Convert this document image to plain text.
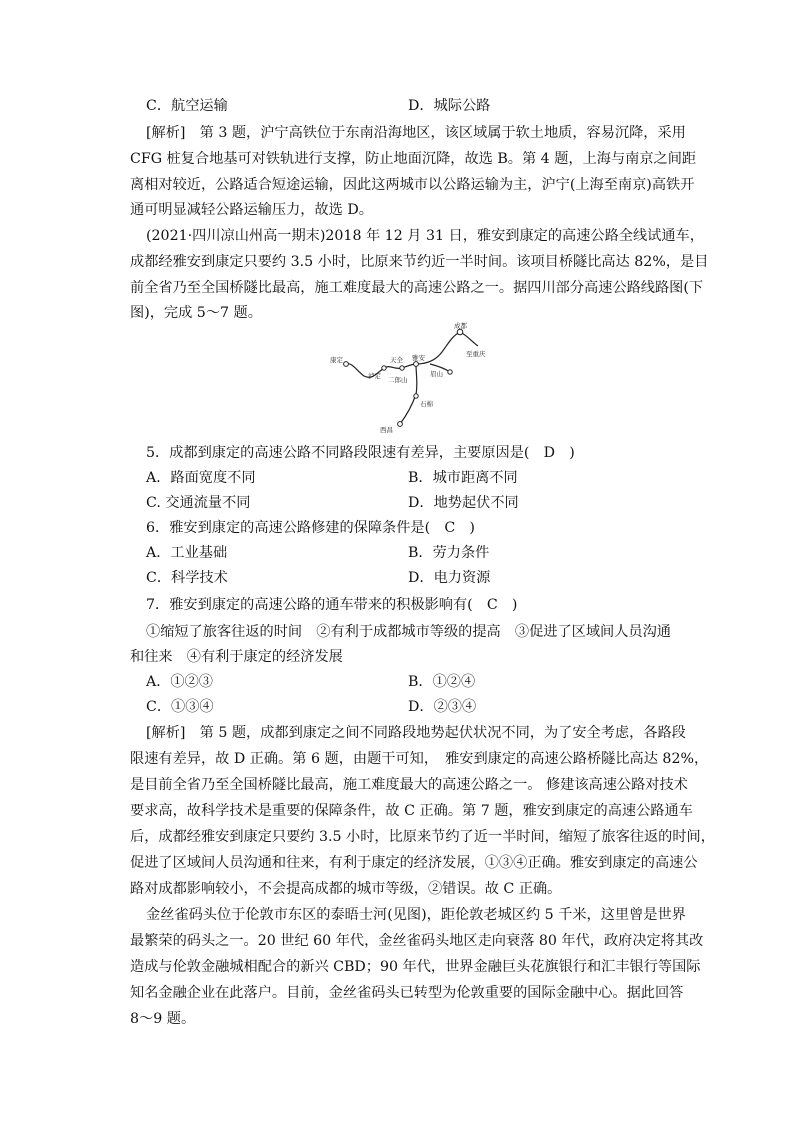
C．航空运输	D．城际公路
[解析]　第 3 题，沪宁高铁位于东南沿海地区，该区域属于软土地质，容易沉降，采用
CFG 桩复合地基可对铁轨进行支撑，防止地面沉降，故选 B。第 4 题，上海与南京之间距
离相对较近，公路适合短途运输，因此这两城市以公路运输为主，沪宁(上海至南京)高铁开
通可明显减轻公路运输压力，故选 D。
(2021·四川凉山州高一期末)2018 年 12 月 31 日，雅安到康定的高速公路全线试通车，
成都经雅安到康定只要约 3.5 小时，比原来节约近一半时间。该项目桥隧比高达 82%，是目
前全省乃至全国桥隧比最高，施工难度最大的高速公路之一。据四川部分高速公路线路图(下
图)，完成 5～7 题。
成都
至重庆
康定
泸定
天全 雅安
二郎山
眉山
石棉
西昌
5．成都到康定的高速公路不同路段限速有差异，主要原因是(　D　)
A．路面宽度不同	B．城市距离不同
C. 交通流量不同	D．地势起伏不同
6．雅安到康定的高速公路修建的保障条件是(　C　)
A．工业基础	B．劳力条件
C．科学技术	D．电力资源
7．雅安到康定的高速公路的通车带来的积极影响有(　C　)
①缩短了旅客往返的时间　②有利于成都城市等级的提高　③促进了区域间人员沟通
和往来　④有利于康定的经济发展
A．①②③	B．①②④
C．①③④	D．②③④
[解析]　第 5 题，成都到康定之间不同路段地势起伏状况不同，为了安全考虑，各路段
限速有差异，故 D 正确。第 6 题，由题干可知，　雅安到康定的高速公路桥隧比高达 82%，
是目前全省乃至全国桥隧比最高，施工难度最大的高速公路之一。 修建该高速公路对技术
要求高，故科学技术是重要的保障条件，故 C 正确。第 7 题，雅安到康定的高速公路通车
后，成都经雅安到康定只要约 3.5 小时，比原来节约了近一半时间，缩短了旅客往返的时间，
促进了区域间人员沟通和往来，有利于康定的经济发展，①③④正确。雅安到康定的高速公
路对成都影响较小，不会提高成都的城市等级，②错误。故 C 正确。
金丝雀码头位于伦敦市东区的泰晤士河(见图)，距伦敦老城区约 5 千米，这里曾是世界
最繁荣的码头之一。20 世纪 60 年代，金丝雀码头地区走向衰落 80 年代，政府决定将其改
造成与伦敦金融城相配合的新兴 CBD；90 年代，世界金融巨头花旗银行和汇丰银行等国际
知名金融企业在此落户。目前，金丝雀码头已转型为伦敦重要的国际金融中心。据此回答
8～9 题。
